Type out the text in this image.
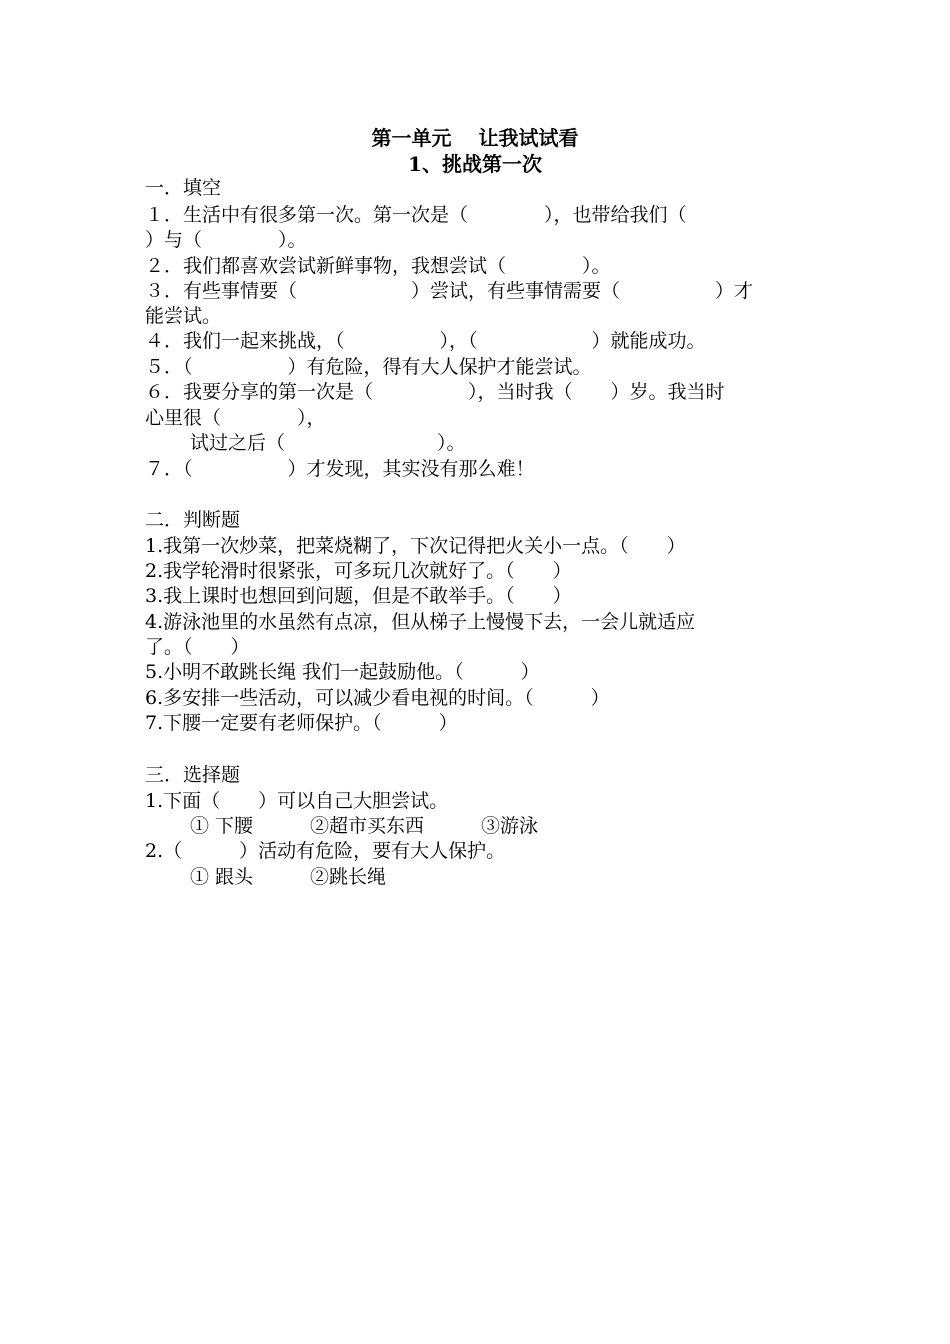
第一单元　 让我试试看
1、挑战第一次
一．填空
１．生活中有很多第一次。第一次是（　　　　），也带给我们（
）与（　　　　）。
２．我们都喜欢尝试新鲜事物，我想尝试（　　　　）。
３．有些事情要（　　　　　　）尝试，有些事情需要（　　　　　）才
能尝试。
４．我们一起来挑战，（　　　　　），（　　　　　　）就能成功。
５．（　　　　　）有危险，得有大人保护才能尝试。
６．我要分享的第一次是（　　　　　），当时我（　　）岁。我当时
心里很（　　　　），
试过之后（　　　　　　　　）。
７．（　　　　　）才发现，其实没有那么难！
二．判断题
1.我第一次炒菜，把菜烧糊了，下次记得把火关小一点。（　　）
2.我学轮滑时很紧张，可多玩几次就好了。（　　）
3.我上课时也想回到问题，但是不敢举手。（　　）
4.游泳池里的水虽然有点凉，但从梯子上慢慢下去，一会儿就适应
了。（　　）
5.小明不敢跳长绳 我们一起鼓励他。（　　　）
6.多安排一些活动，可以减少看电视的时间。（　　　）
7.下腰一定要有老师保护。（　　　）
三．选择题
1.下面（　　）可以自己大胆尝试。
① 下腰　　　②超市买东西　　　③游泳
2.（　　　）活动有危险，要有大人保护。
① 跟头　　　②跳长绳
